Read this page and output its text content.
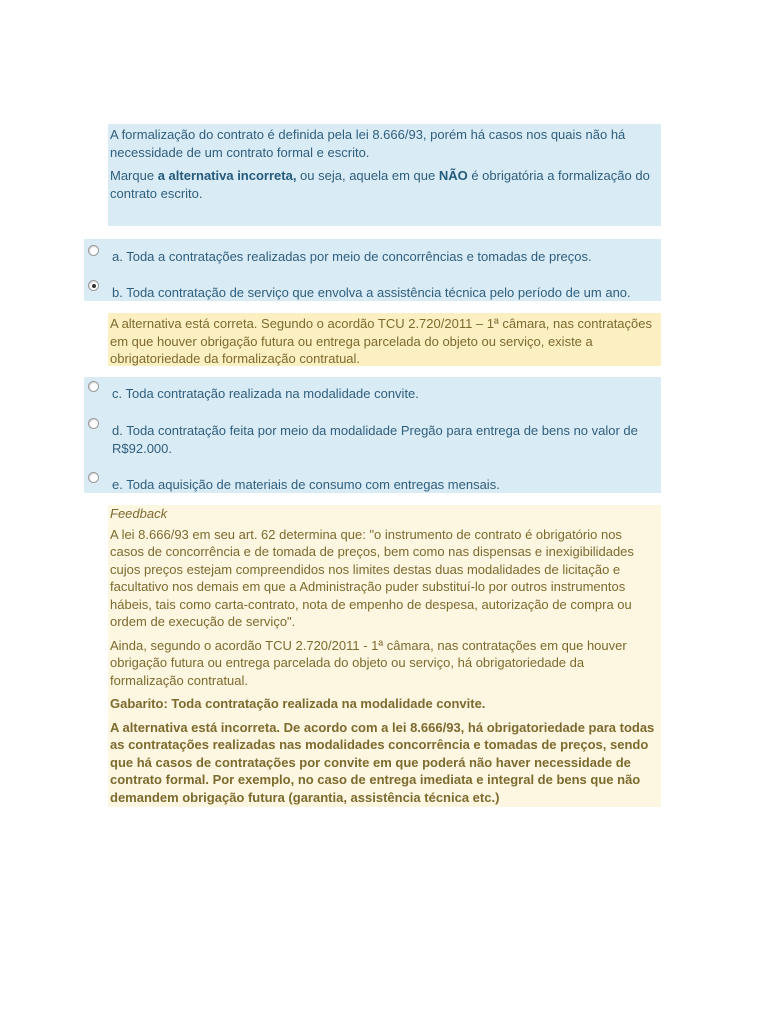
A formalização do contrato é definida pela lei 8.666/93, porém há casos nos quais não há necessidade de um contrato formal e escrito.

Marque a alternativa incorreta, ou seja, aquela em que NÃO é obrigatória a formalização do contrato escrito.

a. Toda a contratações realizadas por meio de concorrências e tomadas de preços.
b. Toda contratação de serviço que envolva a assistência técnica pelo período de um ano.
A alternativa está correta. Segundo o acordão TCU 2.720/2011 – 1ª câmara, nas contratações em que houver obrigação futura ou entrega parcelada do objeto ou serviço, existe a obrigatoriedade da formalização contratual.
c. Toda contratação realizada na modalidade convite.
d. Toda contratação feita por meio da modalidade Pregão para entrega de bens no valor de R$92.000.
e. Toda aquisição de materiais de consumo com entregas mensais.

Feedback

A lei 8.666/93 em seu art. 62 determina que: "o instrumento de contrato é obrigatório nos casos de concorrência e de tomada de preços, bem como nas dispensas e inexigibilidades cujos preços estejam compreendidos nos limites destas duas modalidades de licitação e facultativo nos demais em que a Administração puder substituí-lo por outros instrumentos hábeis, tais como carta-contrato, nota de empenho de despesa, autorização de compra ou ordem de execução de serviço".

Ainda, segundo o acordão TCU 2.720/2011 - 1ª câmara, nas contratações em que houver obrigação futura ou entrega parcelada do objeto ou serviço, há obrigatoriedade da formalização contratual.

Gabarito: Toda contratação realizada na modalidade convite.

A alternativa está incorreta. De acordo com a lei 8.666/93, há obrigatoriedade para todas as contratações realizadas nas modalidades concorrência e tomadas de preços, sendo que há casos de contratações por convite em que poderá não haver necessidade de contrato formal. Por exemplo, no caso de entrega imediata e integral de bens que não demandem obrigação futura (garantia, assistência técnica etc.)
